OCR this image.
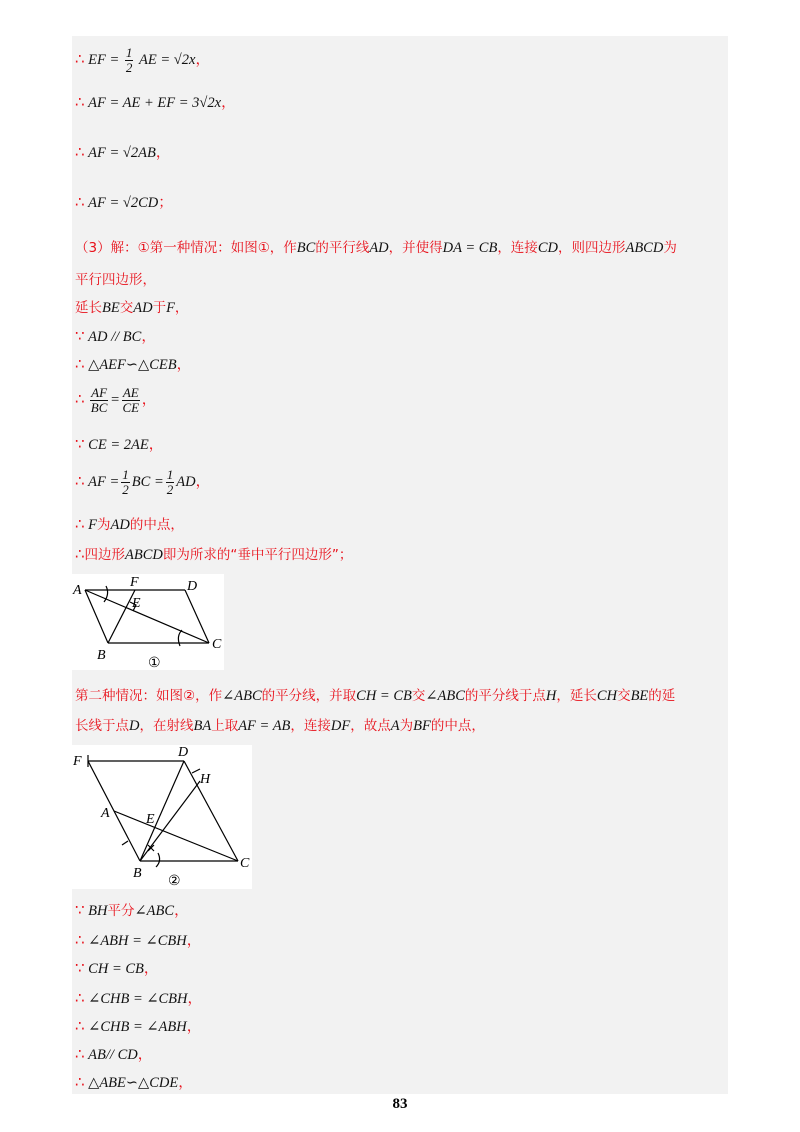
∴ EF = $\frac{1}{2}$ AE = √2x，
∴ AF = AE + EF = 3√2x，
∴ AF = √2AB，
∴ AF = √2CD；
（3）解：①第一种情况：如图①，作BC的平行线AD，并使得DA = CB，连接CD，则四边形ABCD为
平行四边形，
延长BE交AD于F，
∵ AD // BC，
∴ △AEF∽△CEB，
∴ $\frac{AF}{BC} = \frac{AE}{CE}$ ，
∵ CE = 2AE，
∴ AF = $\frac{1}{2}$ BC = $\frac{1}{2}$ AD，
∴ F为AD的中点，
∴四边形ABCD即为所求的“垂中平行四边形”；
A
B
C
D
E
F
①
第二种情况：如图②，作∠ABC的平分线，并取CH = CB交∠ABC的平分线于点H，延长CH交BE的延
长线于点D，在射线BA上取AF = AB，连接DF，故点A为BF的中点，
F
D
H
A	E
B
C
②
∵ BH平分∠ABC，
∴ ∠ABH = ∠CBH，
∵ CH = CB，
∴ ∠CHB = ∠CBH，
∴ ∠CHB = ∠ABH，
∴ AB// CD，
∴ △ABE∽△CDE，
83
